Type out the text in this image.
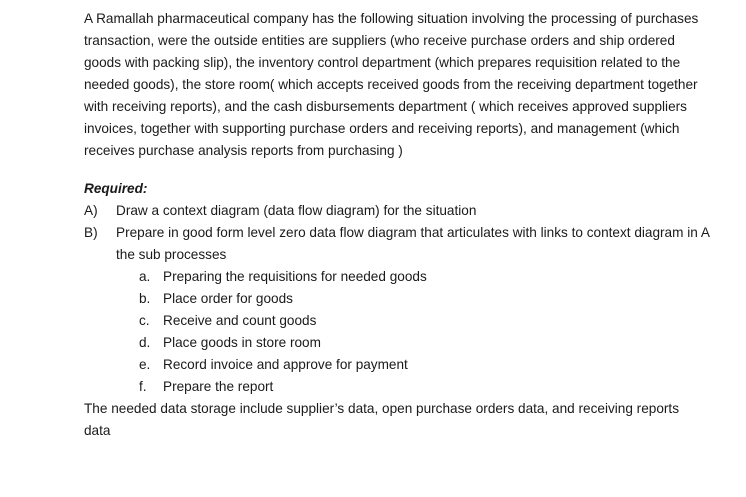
A Ramallah pharmaceutical company has the following situation involving the processing of purchases transaction, were the outside entities are suppliers (who receive purchase orders and ship ordered goods with packing slip), the inventory control department (which prepares requisition related to the needed goods), the store room( which accepts received goods from the receiving department together with receiving reports), and the cash disbursements department ( which receives approved suppliers invoices, together with supporting purchase orders and receiving reports), and management (which receives purchase analysis reports from purchasing )

Required:

A)	Draw a context diagram (data flow diagram) for the situation
B)	Prepare in good form level zero data flow diagram that articulates with links to context diagram in A the sub processes
a. Preparing the requisitions for needed goods
b. Place order for goods
c. Receive and count goods
d. Place goods in store room
e. Record invoice and approve for payment
f. Prepare the report

The needed data storage include supplier’s data, open purchase orders data, and receiving reports data
